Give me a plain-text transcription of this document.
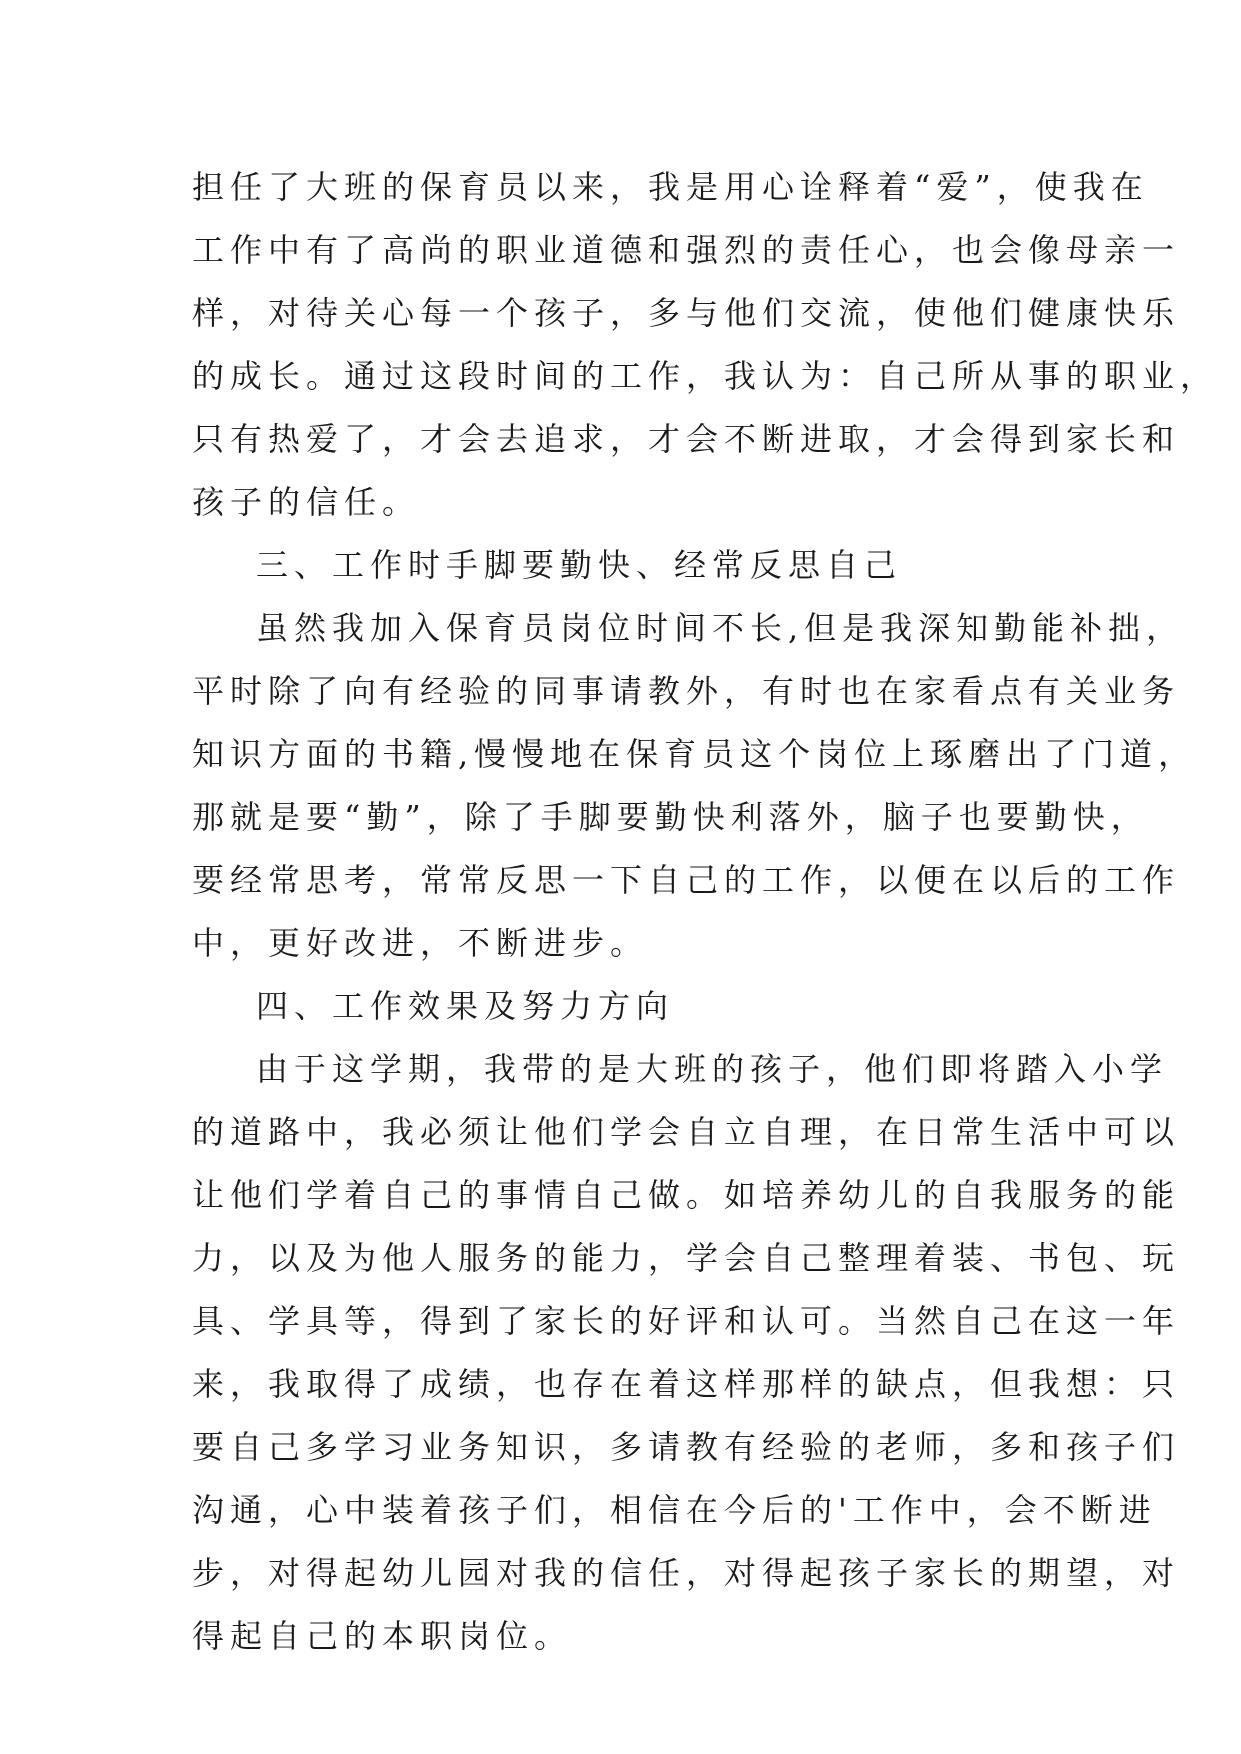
担任了大班的保育员以来，我是用心诠释着“爱”，使我在
工作中有了高尚的职业道德和强烈的责任心，也会像母亲一
样，对待关心每一个孩子，多与他们交流，使他们健康快乐
的成长。通过这段时间的工作，我认为：自己所从事的职业，
只有热爱了，才会去追求，才会不断进取，才会得到家长和
孩子的信任。
三、工作时手脚要勤快、经常反思自己
虽然我加入保育员岗位时间不长,但是我深知勤能补拙，
平时除了向有经验的同事请教外，有时也在家看点有关业务
知识方面的书籍,慢慢地在保育员这个岗位上琢磨出了门道，
那就是要“勤”，除了手脚要勤快利落外，脑子也要勤快，
要经常思考，常常反思一下自己的工作，以便在以后的工作
中，更好改进，不断进步。
四、工作效果及努力方向
由于这学期，我带的是大班的孩子，他们即将踏入小学
的道路中，我必须让他们学会自立自理，在日常生活中可以
让他们学着自己的事情自己做。如培养幼儿的自我服务的能
力，以及为他人服务的能力，学会自己整理着装、书包、玩
具、学具等，得到了家长的好评和认可。当然自己在这一年
来，我取得了成绩，也存在着这样那样的缺点，但我想：只
要自己多学习业务知识，多请教有经验的老师，多和孩子们
沟通，心中装着孩子们，相信在今后的'工作中，会不断进
步，对得起幼儿园对我的信任，对得起孩子家长的期望，对
得起自己的本职岗位。
